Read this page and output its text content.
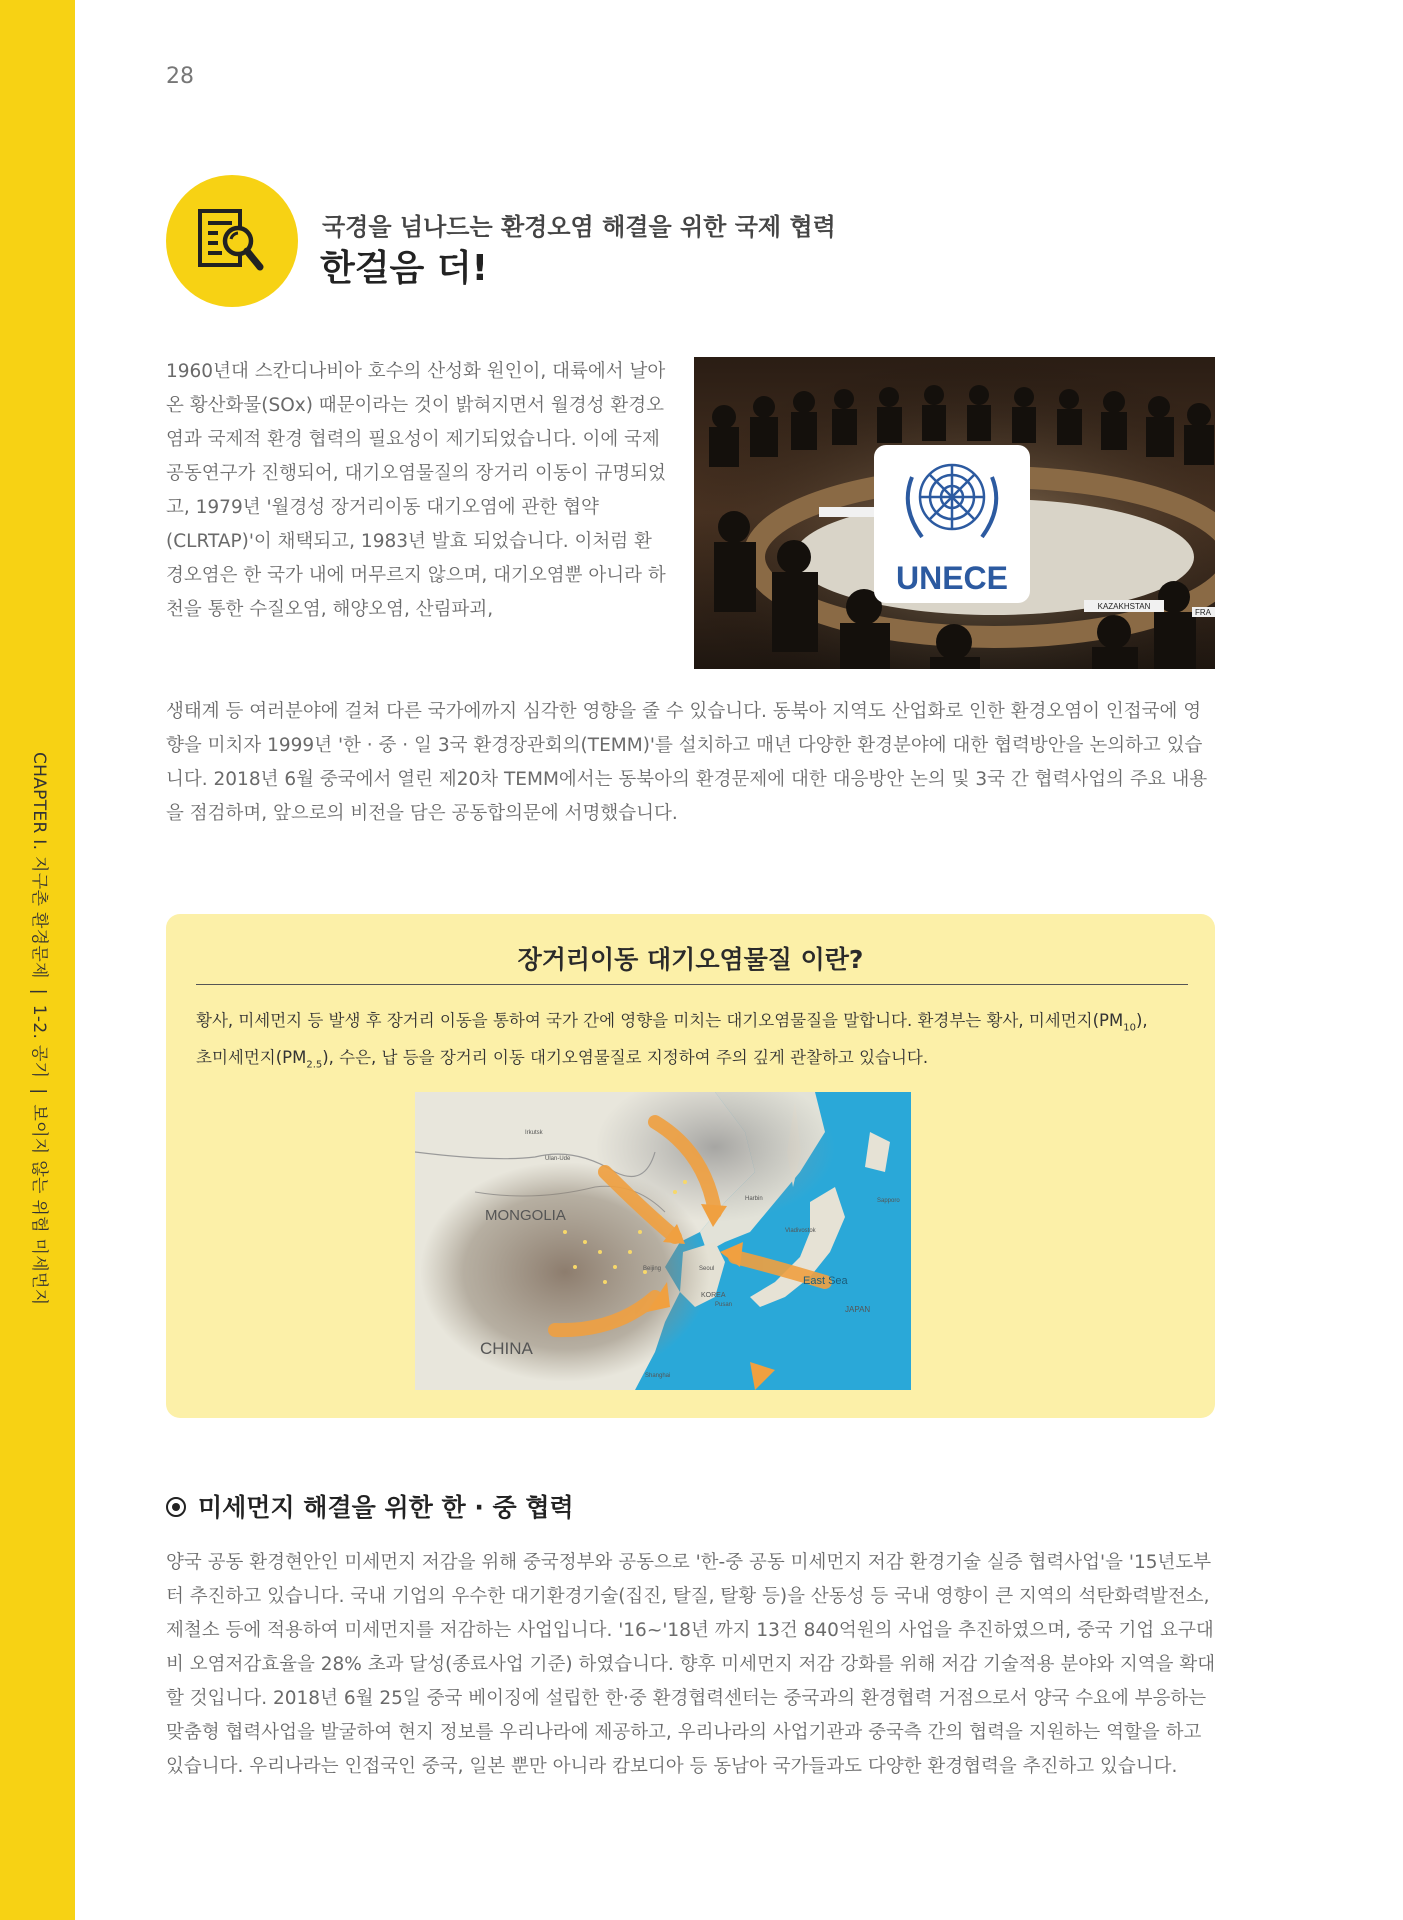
CHAPTER I. 지구촌 환경문제|1-2. 공기|보이지 않는 위험 미세먼지
28
국경을 넘나드는 환경오염 해결을 위한 국제 협력
한걸음 더!

1960년대 스칸디나비아 호수의 산성화 원인이, 대륙에서 날아온 황산화물(SOx) 때문이라는 것이 밝혀지면서 월경성 환경오염과 국제적 환경 협력의 필요성이 제기되었습니다. 이에 국제 공동연구가 진행되어, 대기오염물질의 장거리 이동이 규명되었고, 1979년 '월경성 장거리이동 대기오염에 관한 협약(CLRTAP)'이 채택되고, 1983년 발효 되었습니다. 이처럼 환경오염은 한 국가 내에 머무르지 않으며, 대기오염뿐 아니라 하천을 통한 수질오염, 해양오염, 산림파괴,	KAZAKHSTAN
FRA
UNECE

생태계 등 여러분야에 걸쳐 다른 국가에까지 심각한 영향을 줄 수 있습니다. 동북아 지역도 산업화로 인한 환경오염이 인접국에 영향을 미치자 1999년 '한 · 중 · 일 3국 환경장관회의(TEMM)'를 설치하고 매년 다양한 환경분야에 대한 협력방안을 논의하고 있습니다. 2018년 6월 중국에서 열린 제20차 TEMM에서는 동북아의 환경문제에 대한 대응방안 논의 및 3국 간 협력사업의 주요 내용을 점검하며, 앞으로의 비전을 담은 공동합의문에 서명했습니다.

장거리이동 대기오염물질 이란?

황사, 미세먼지 등 발생 후 장거리 이동을 통하여 국가 간에 영향을 미치는 대기오염물질을 말합니다. 환경부는 황사, 미세먼지$(PM_{10})$,
초미세먼지$(PM_{2.5})$, 수은, 납 등을 장거리 이동 대기오염물질로 지정하여 주의 깊게 관찰하고 있습니다.

MONGOLIA
CHINA
East Sea
JAPAN
KOREA
Irkutsk
Ulan-Ude
Harbin
Vladivostok
Sapporo
Beijing	Seoul
Pusan
Shanghai
미세먼지 해결을 위한 한 · 중 협력

양국 공동 환경현안인 미세먼지 저감을 위해 중국정부와 공동으로 '한-중 공동 미세먼지 저감 환경기술 실증 협력사업'을 '15년도부터 추진하고 있습니다. 국내 기업의 우수한 대기환경기술(집진, 탈질, 탈황 등)을 산동성 등 국내 영향이 큰 지역의 석탄화력발전소, 제철소 등에 적용하여 미세먼지를 저감하는 사업입니다. '16~'18년 까지 13건 840억원의 사업을 추진하였으며, 중국 기업 요구대비 오염저감효율을 28% 초과 달성(종료사업 기준) 하였습니다. 향후 미세먼지 저감 강화를 위해 저감 기술적용 분야와 지역을 확대할 것입니다. 2018년 6월 25일 중국 베이징에 설립한 한·중 환경협력센터는 중국과의 환경협력 거점으로서 양국 수요에 부응하는 맞춤형 협력사업을 발굴하여 현지 정보를 우리나라에 제공하고, 우리나라의 사업기관과 중국측 간의 협력을 지원하는 역할을 하고 있습니다. 우리나라는 인접국인 중국, 일본 뿐만 아니라 캄보디아 등 동남아 국가들과도 다양한 환경협력을 추진하고 있습니다.
